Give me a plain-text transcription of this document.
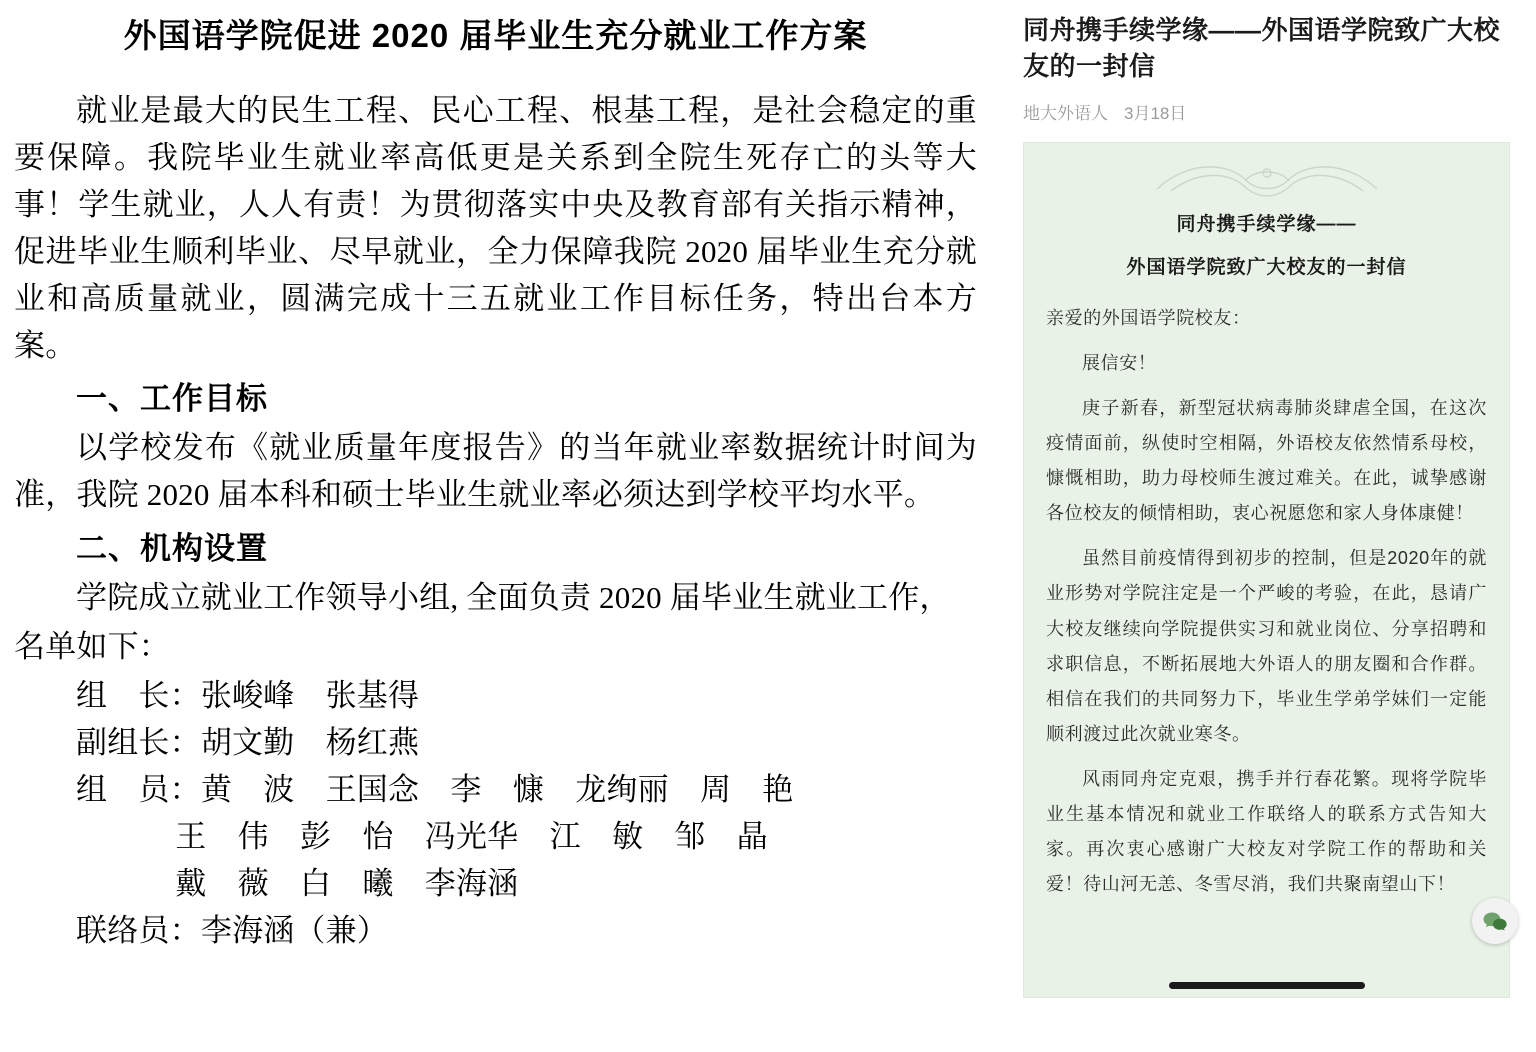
外国语学院促进 2020 届毕业生充分就业工作方案

就业是最大的民生工程、民心工程、根基工程，是社会稳定的重要保障。我院毕业生就业率高低更是关系到全院生死存亡的头等大事！学生就业，人人有责！为贯彻落实中央及教育部有关指示精神，促进毕业生顺利毕业、尽早就业，全力保障我院 2020 届毕业生充分就业和高质量就业，圆满完成十三五就业工作目标任务，特出台本方案。

一、工作目标

以学校发布《就业质量年度报告》的当年就业率数据统计时间为准，我院 2020 届本科和硕士毕业生就业率必须达到学校平均水平。

二、机构设置

学院成立就业工作领导小组, 全面负责 2020 届毕业生就业工作，

名单如下：

组　长：张峻峰　张基得

副组长：胡文勤　杨红燕

组　员：黄　波　王国念　李　慷　龙绚丽　周　艳

王　伟　彭　怡　冯光华　江　敏　邹　晶

戴　薇　白　曦　李海涵

联络员：李海涵（兼）

同舟携手续学缘——外国语学院致广大校友的一封信
地大外语人 3月18日
同舟携手续学缘——
外国语学院致广大校友的一封信

亲爱的外国语学院校友：

展信安！

庚子新春，新型冠状病毒肺炎肆虐全国，在这次疫情面前，纵使时空相隔，外语校友依然情系母校，慷慨相助，助力母校师生渡过难关。在此，诚挚感谢各位校友的倾情相助，衷心祝愿您和家人身体康健！

虽然目前疫情得到初步的控制，但是2020年的就业形势对学院注定是一个严峻的考验，在此，恳请广大校友继续向学院提供实习和就业岗位、分享招聘和求职信息，不断拓展地大外语人的朋友圈和合作群。相信在我们的共同努力下，毕业生学弟学妹们一定能顺利渡过此次就业寒冬。

风雨同舟定克艰，携手并行春花繁。现将学院毕业生基本情况和就业工作联络人的联系方式告知大家。再次衷心感谢广大校友对学院工作的帮助和关爱！待山河无恙、冬雪尽消，我们共聚南望山下！
